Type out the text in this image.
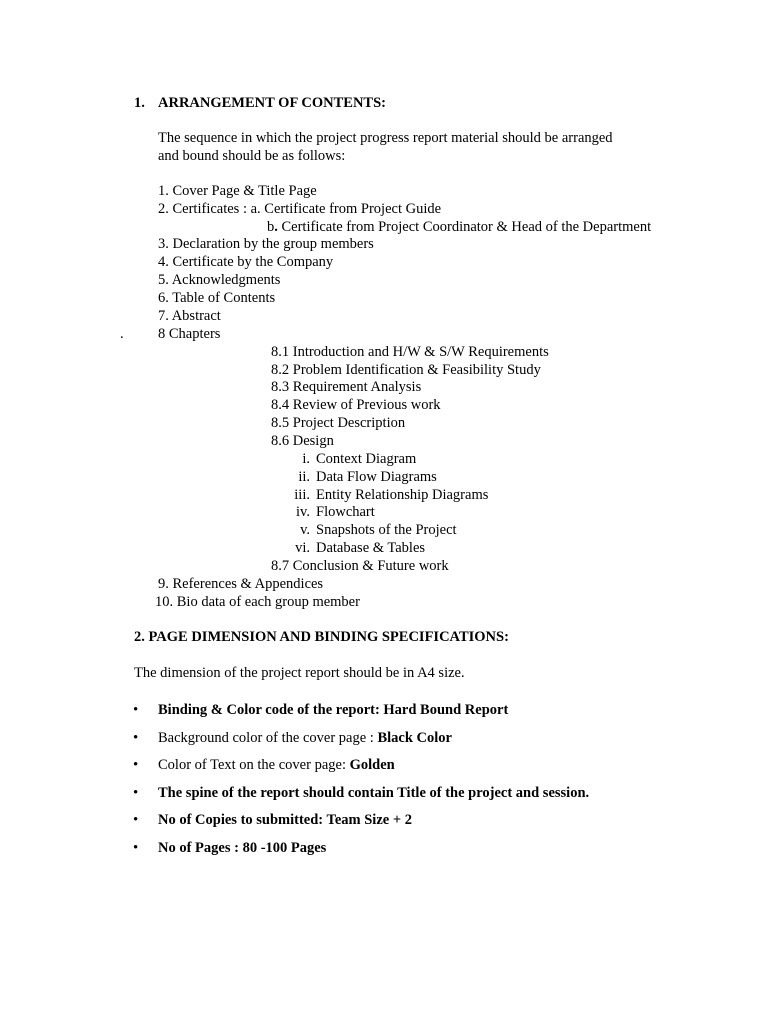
1. ARRANGEMENT OF CONTENTS:
The sequence in which the project progress report material should be arranged
and bound should be as follows:
1. Cover Page & Title Page
2. Certificates : a. Certificate from Project Guide
b. Certificate from Project Coordinator & Head of the Department
3. Declaration by the group members
4. Certificate by the Company
5. Acknowledgments
6. Table of Contents
7. Abstract
. 8 Chapters
8.1 Introduction and H/W & S/W Requirements
8.2 Problem Identification & Feasibility Study
8.3 Requirement Analysis
8.4 Review of Previous work
8.5 Project Description
8.6 Design
i. Context Diagram
ii. Data Flow Diagrams
iii. Entity Relationship Diagrams
iv. Flowchart
v. Snapshots of the Project
vi. Database & Tables
8.7 Conclusion & Future work
9. References & Appendices
10. Bio data of each group member
2. PAGE DIMENSION AND BINDING SPECIFICATIONS:
The dimension of the project report should be in A4 size.
• Binding & Color code of the report: Hard Bound Report
• Background color of the cover page : Black Color
• Color of Text on the cover page: Golden
• The spine of the report should contain Title of the project and session.
• No of Copies to submitted: Team Size + 2
• No of Pages : 80 -100 Pages
